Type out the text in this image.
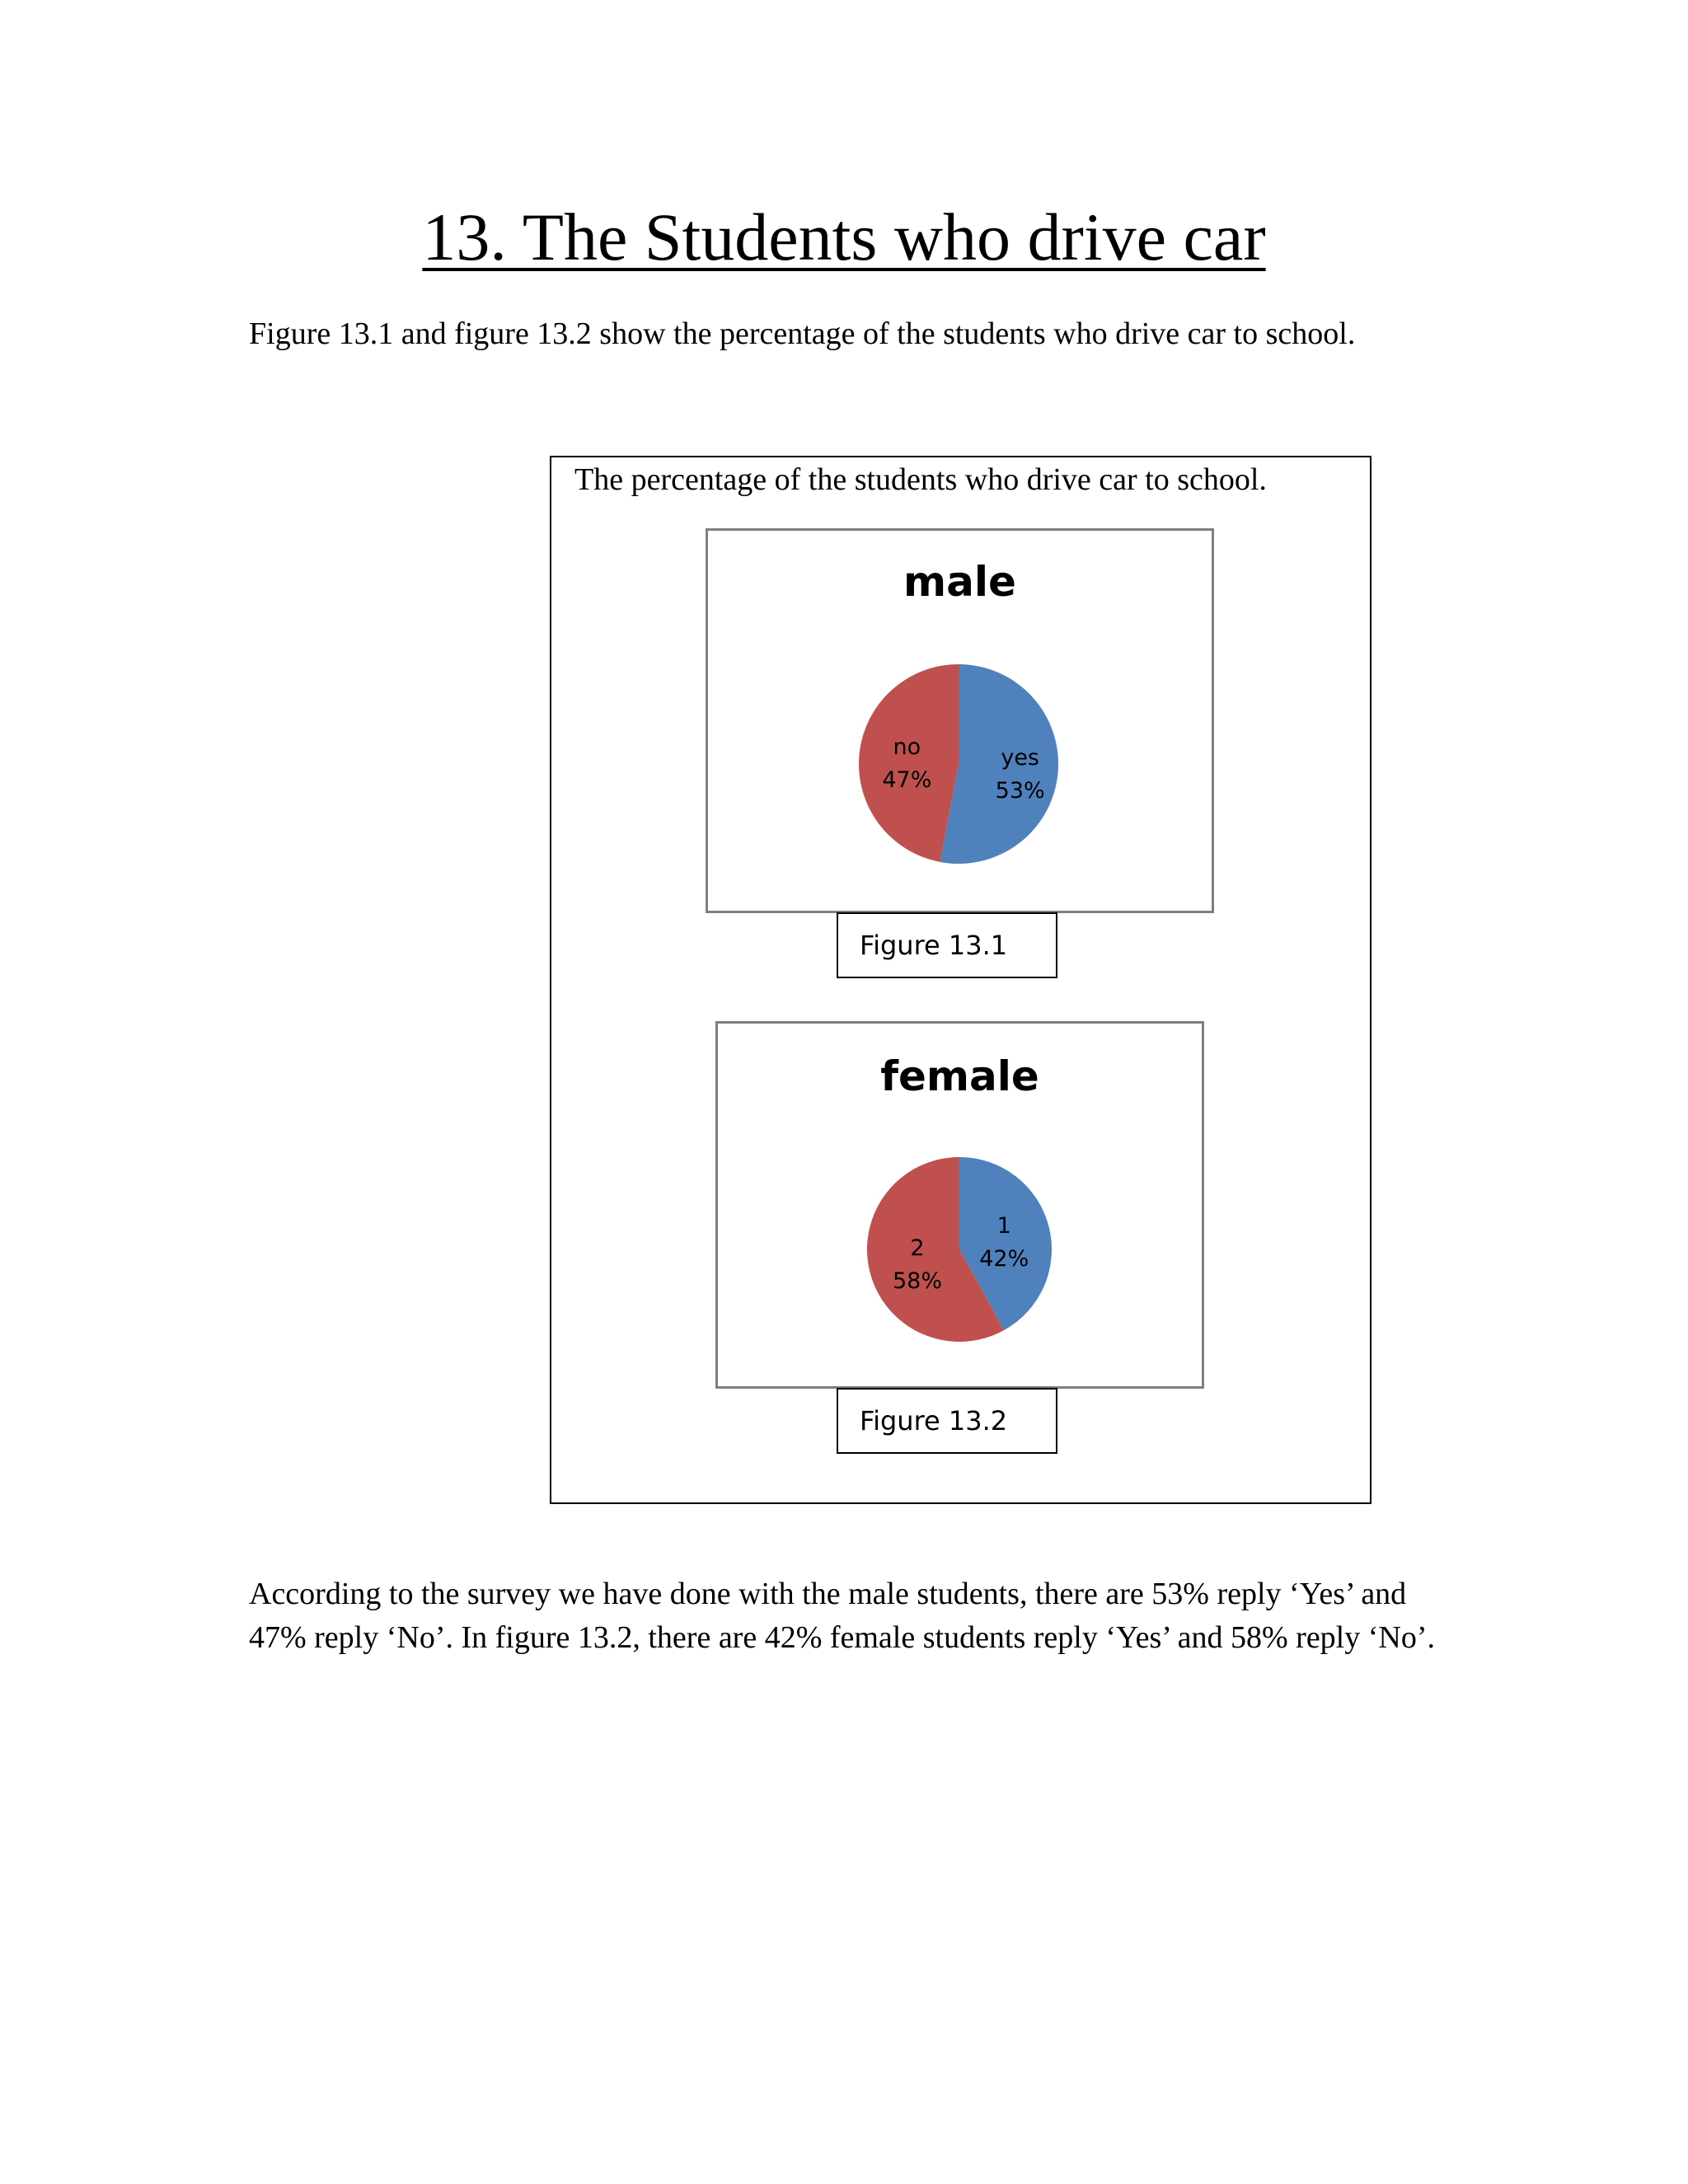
13. The Students who drive car

Figure 13.1 and figure 13.2 show the percentage of the students who drive car to school.

The percentage of the students who drive car to school.
male
yes
53%
no
47%
Figure 13.1
female
1
42%
2
58%
Figure 13.2

According to the survey we have done with the male students, there are 53% reply ‘Yes’ and 47% reply ‘No’. In figure 13.2, there are 42% female students reply ‘Yes’ and 58% reply ‘No’.
